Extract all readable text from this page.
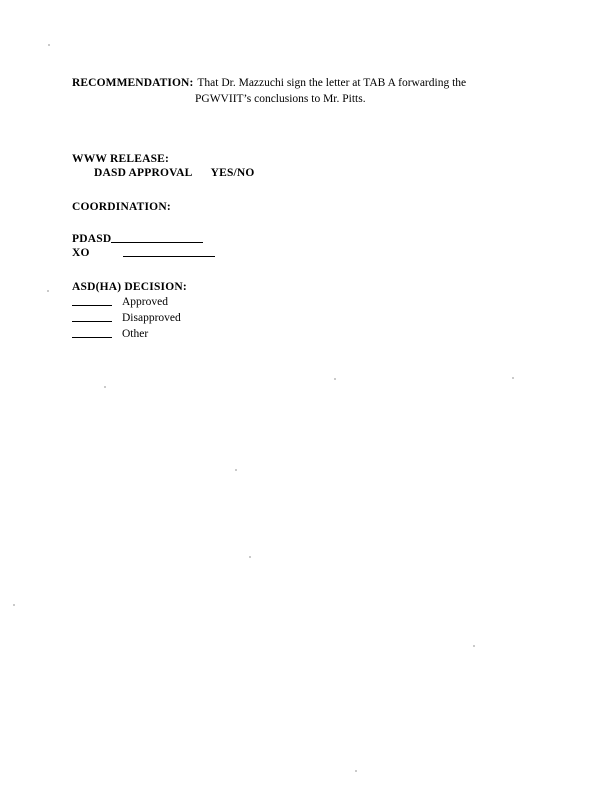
RECOMMENDATION: That Dr. Mazzuchi sign the letter at TAB A forwarding the
PGWVIIT’s conclusions to Mr. Pitts.
WWW RELEASE:
DASD APPROVAL YES/NO
COORDINATION:
PDASD
XO
ASD(HA) DECISION:
Approved
Disapproved
Other
